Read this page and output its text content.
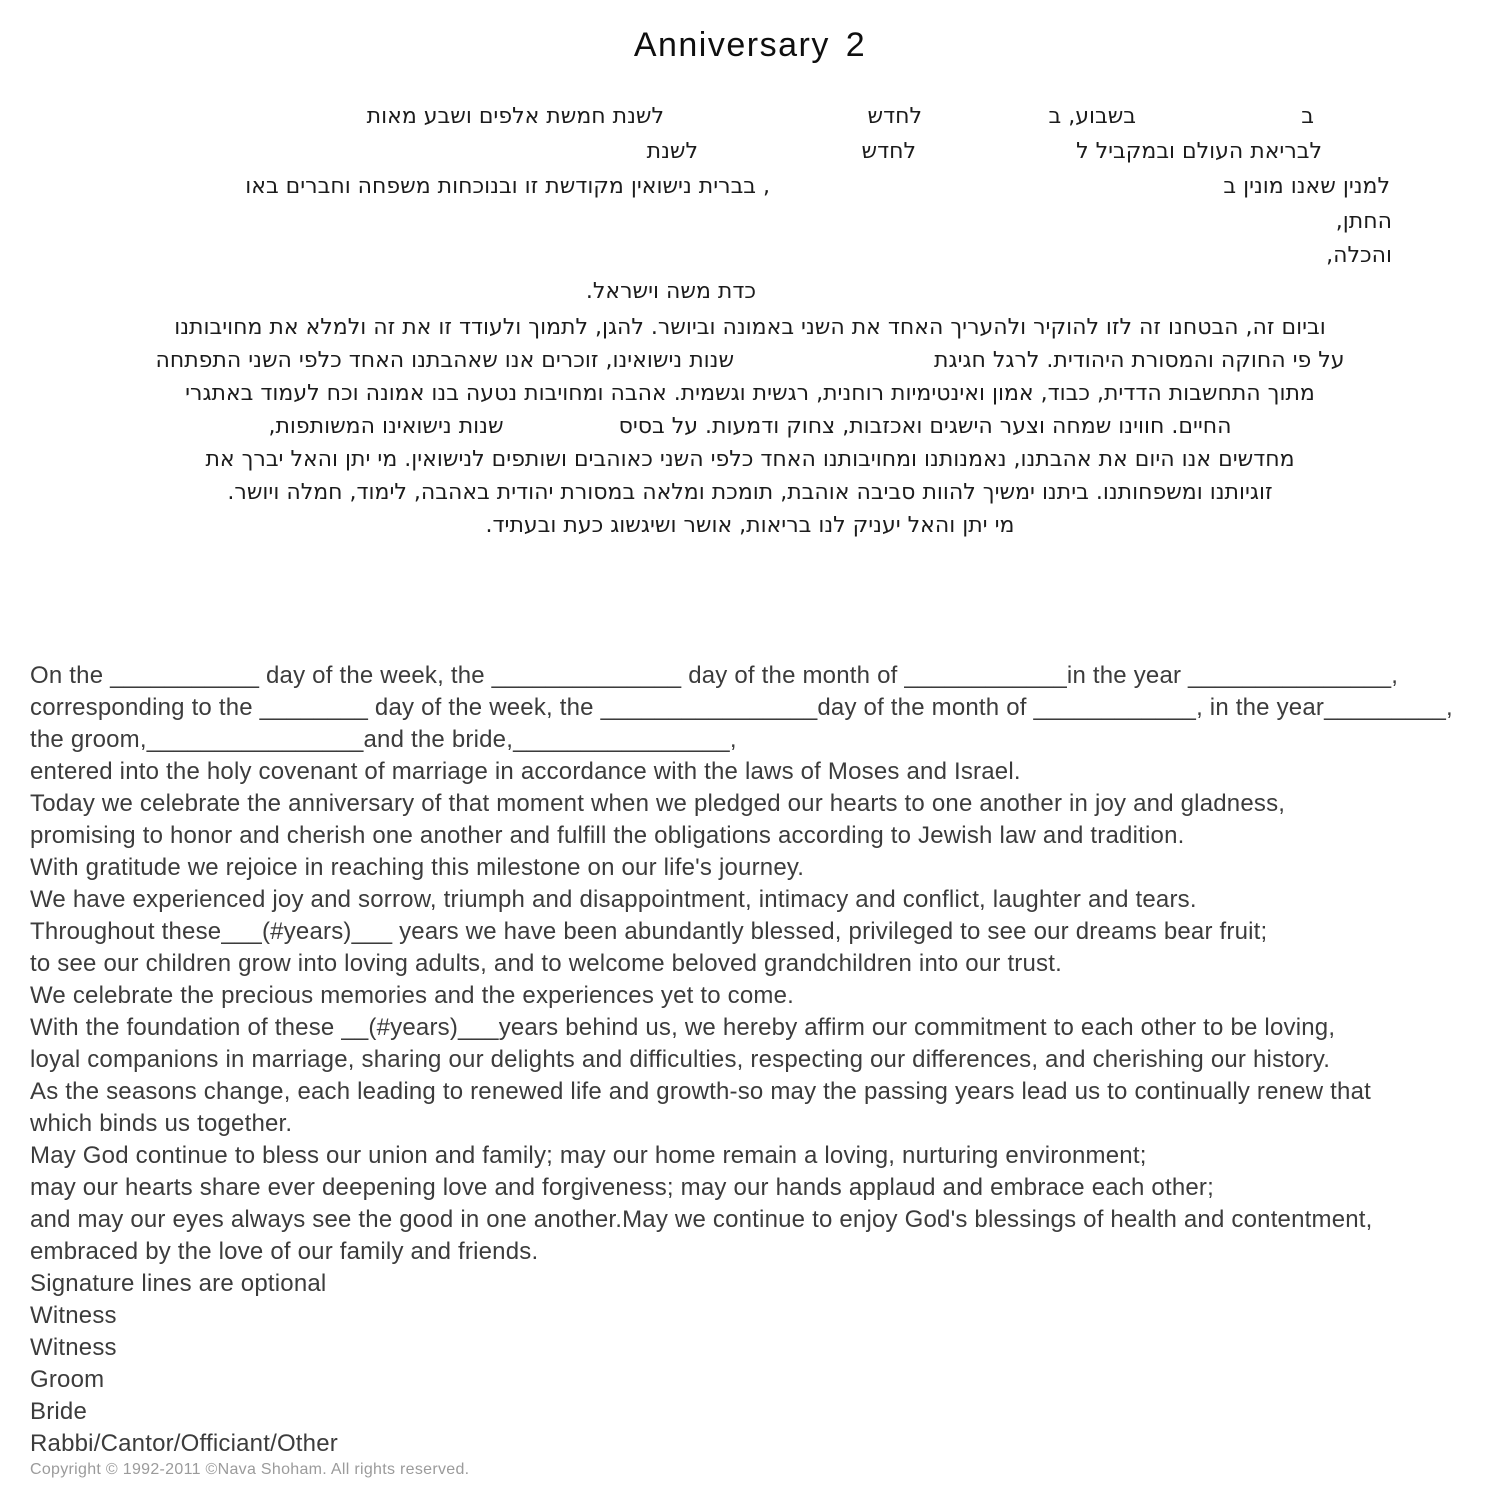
Anniversary 2
ב
בשבוע, ב
לחדש
לשנת חמשת אלפים ושבע מאות
לבריאת העולם ובמקביל ל
לחדש
לשנת
למנין שאנו מונין ב
, בברית נישואין מקודשת זו ובנוכחות משפחה וחברים באו
החתן,
והכלה,
כדת משה וישראל.
וביום זה, הבטחנו זה לזו להוקיר ולהעריך האחד את השני באמונה וביושר. להגן, לתמוך ולעודד זו את זה ולמלא את מחויבותנו
על פי החוקה והמסורת היהודית. לרגל חגיגתשנות נישואינו, זוכרים אנו שאהבתנו האחד כלפי השני התפתחה
מתוך התחשבות הדדית, כבוד, אמון ואינטימיות רוחנית, רגשית וגשמית. אהבה ומחויבות נטעה בנו אמונה וכח לעמוד באתגרי
החיים. חווינו שמחה וצער הישגים ואכזבות, צחוק ודמעות. על בסיסשנות נישואינו המשותפות,
מחדשים אנו היום את אהבתנו, נאמנותנו ומחויבותנו האחד כלפי השני כאוהבים ושותפים לנישואין. מי יתן והאל יברך את
זוגיותנו ומשפחותנו. ביתנו ימשיך להוות סביבה אוהבת, תומכת ומלאה במסורת יהודית באהבה, לימוד, חמלה ויושר.
מי יתן והאל יעניק לנו בריאות, אושר ושיגשוג כעת ובעתיד.
On the ___________ day of the week, the ______________ day of the month of ____________in the year _______________,
corresponding to the ________ day of the week, the ________________day of the month of ____________, in the year_________,
the groom,________________and the bride,________________,
entered into the holy covenant of marriage in accordance with the laws of Moses and Israel.
Today we celebrate the anniversary of that moment when we pledged our hearts to one another in joy and gladness,
promising to honor and cherish one another and fulfill the obligations according to Jewish law and tradition.
With gratitude we rejoice in reaching this milestone on our life's journey.
We have experienced joy and sorrow, triumph and disappointment, intimacy and conflict, laughter and tears.
Throughout these___(#years)___ years we have been abundantly blessed, privileged to see our dreams bear fruit;
to see our children grow into loving adults, and to welcome beloved grandchildren into our trust.
We celebrate the precious memories and the experiences yet to come.
With the foundation of these __(#years)___years behind us, we hereby affirm our commitment to each other to be loving,
loyal companions in marriage, sharing our delights and difficulties, respecting our differences, and cherishing our history.
As the seasons change, each leading to renewed life and growth-so may the passing years lead us to continually renew that
which binds us together.
May God continue to bless our union and family; may our home remain a loving, nurturing environment;
may our hearts share ever deepening love and forgiveness; may our hands applaud and embrace each other;
and may our eyes always see the good in one another.May we continue to enjoy God's blessings of health and contentment,
embraced by the love of our family and friends.
Signature lines are optional
Witness
Witness
Groom
Bride
Rabbi/Cantor/Officiant/Other
Copyright © 1992-2011 ©Nava Shoham. All rights reserved.
